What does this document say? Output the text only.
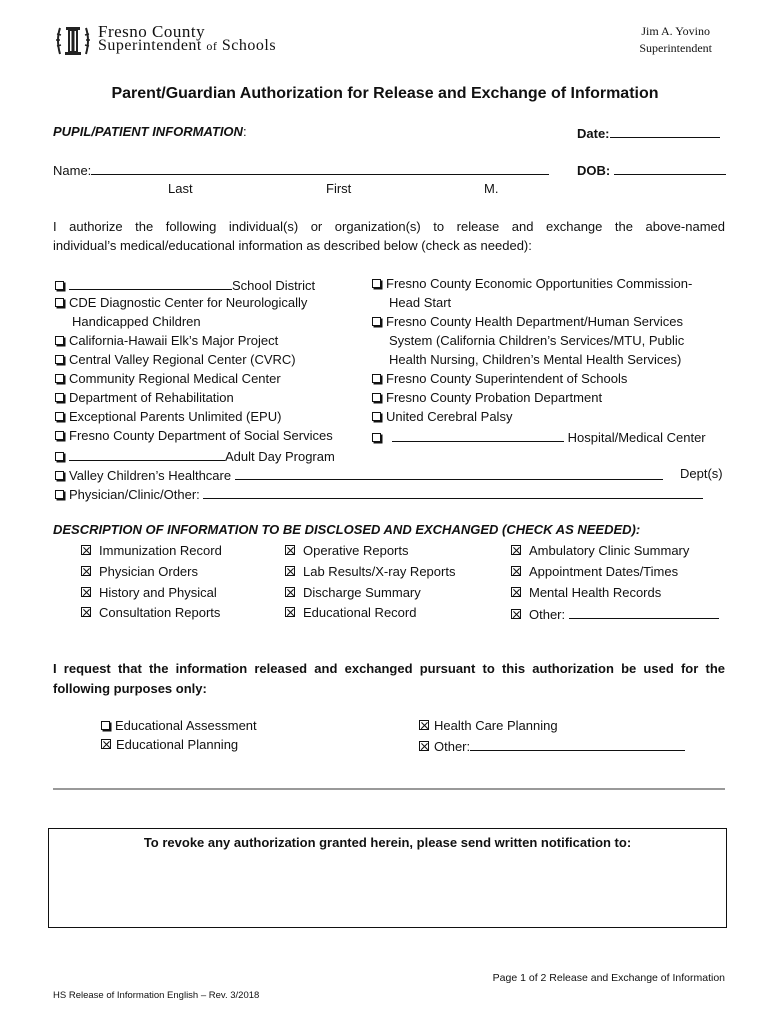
Fresno County
Superintendent of Schools
Jim A. Yovino
Superintendent
Parent/Guardian Authorization for Release and Exchange of Information
PUPIL/PATIENT INFORMATION:	Date:
Name:	DOB:
Last	First	M.
I authorize the following individual(s) or organization(s) to release and exchange the above-named
individual’s medical/educational information as described below (check as needed):
School District
CDE Diagnostic Center for Neurologically
Handicapped Children
California-Hawaii Elk’s Major Project
Central Valley Regional Center (CVRC)
Community Regional Medical Center
Department of Rehabilitation
Exceptional Parents Unlimited (EPU)
Fresno County Department of Social Services
Adult Day Program
Valley Children’s Healthcare	Dept(s)
Physician/Clinic/Other:
Fresno County Economic Opportunities Commission-
Head Start
Fresno County Health Department/Human Services
System (California Children’s Services/MTU, Public
Health Nursing, Children’s Mental Health Services)
Fresno County Superintendent of Schools
Fresno County Probation Department
United Cerebral Palsy
Hospital/Medical Center
DESCRIPTION OF INFORMATION TO BE DISCLOSED AND EXCHANGED (CHECK AS NEEDED):
Immunization Record
Physician Orders
History and Physical
Consultation Reports
Operative Reports
Lab Results/X-ray Reports
Discharge Summary
Educational Record
Ambulatory Clinic Summary
Appointment Dates/Times
Mental Health Records
Other:
I request that the information released and exchanged pursuant to this authorization be used for the
following purposes only:
Educational Assessment
Educational Planning
Health Care Planning
Other:
To revoke any authorization granted herein, please send written notification to:
Page 1 of 2 Release and Exchange of Information
HS Release of Information English – Rev. 3/2018
